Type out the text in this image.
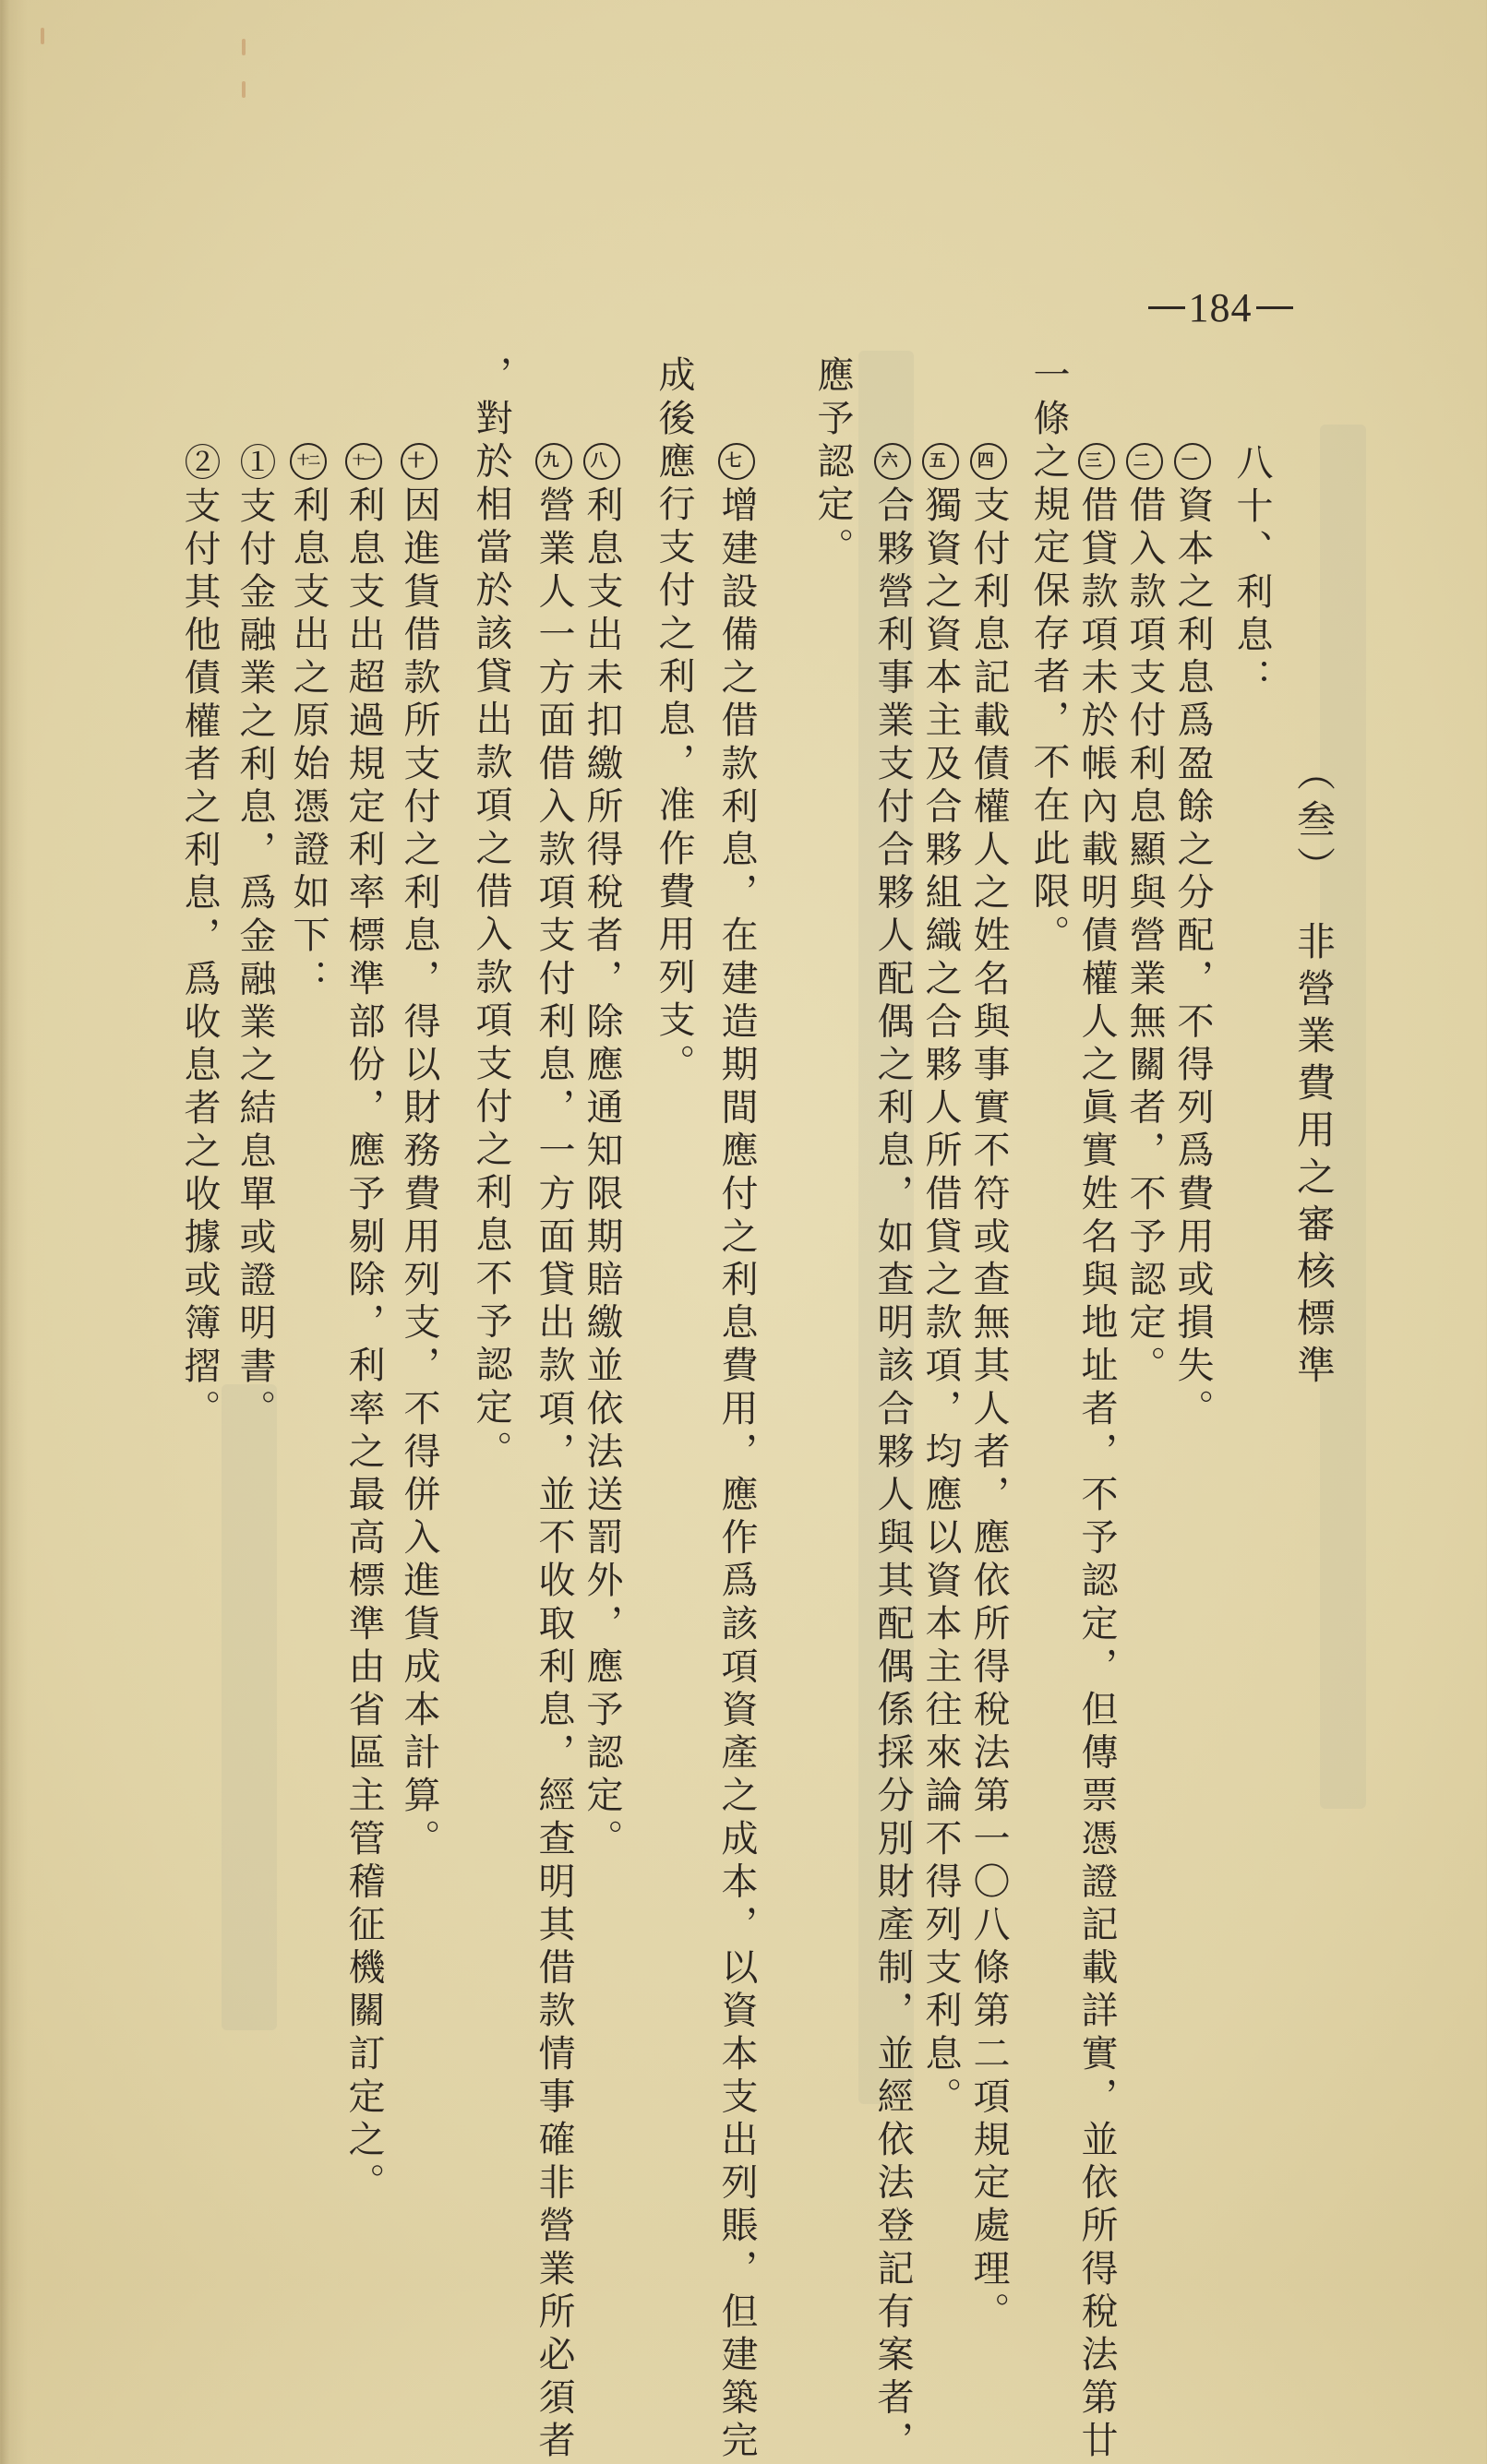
184
（叁）　非營業費用之審核標準
八十、利息：
一資本之利息爲盈餘之分配，不得列爲費用或損失。
二借入款項支付利息顯與營業無關者，不予認定。
三借貸款項未於帳內載明債權人之眞實姓名與地址者，不予認定，但傳票憑證記載詳實，並依所得稅法第廿
一條之規定保存者，不在此限。
四支付利息記載債權人之姓名與事實不符或查無其人者，應依所得稅法第一〇八條第二項規定處理。
五獨資之資本主及合夥組織之合夥人所借貸之款項，均應以資本主往來論不得列支利息。
六合夥營利事業支付合夥人配偶之利息，如查明該合夥人與其配偶係採分別財產制，並經依法登記有案者，
應予認定。
七增建設備之借款利息，在建造期間應付之利息費用，應作爲該項資產之成本，以資本支出列賬，但建築完
成後應行支付之利息，准作費用列支。
八利息支出未扣繳所得稅者，除應通知限期賠繳並依法送罰外，應予認定。
九營業人一方面借入款項支付利息，一方面貸出款項，並不收取利息，經查明其借款情事確非營業所必須者
，對於相當於該貸出款項之借入款項支付之利息不予認定。
十因進貨借款所支付之利息，得以財務費用列支，不得併入進貨成本計算。
十一利息支出超過規定利率標準部份，應予剔除，利率之最高標準由省區主管稽征機關訂定之。
十二利息支出之原始憑證如下：
①支付金融業之利息，爲金融業之結息單或證明書。
②支付其他債權者之利息，爲收息者之收據或簿摺。
